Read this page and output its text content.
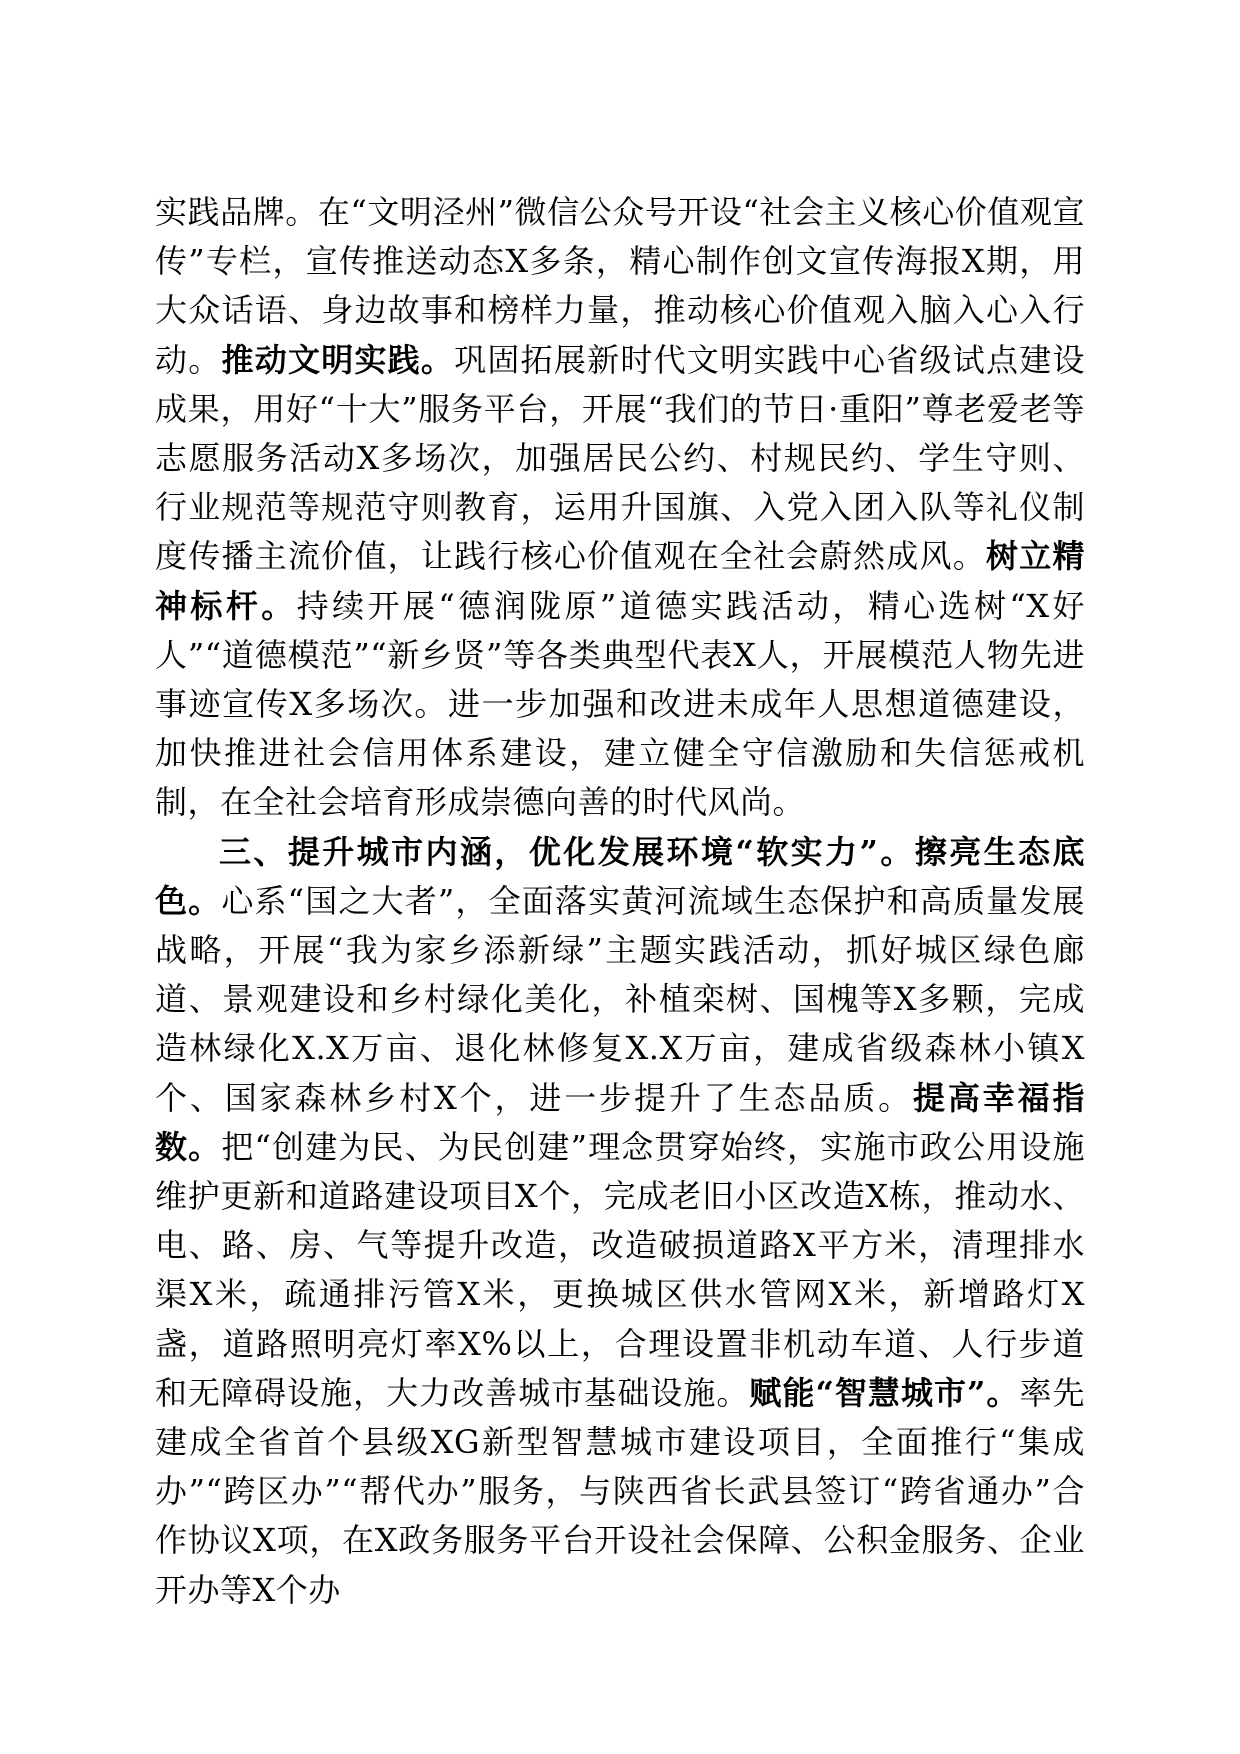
实践品牌。在“文明泾州”微信公众号开设“社会主义核心价值观宣传”专栏，宣传推送动态X多条，精心制作创文宣传海报X期，用大众话语、身边故事和榜样力量，推动核心价值观入脑入心入行动。推动文明实践。巩固拓展新时代文明实践中心省级试点建设成果，用好“十大”服务平台，开展“我们的节日·重阳”尊老爱老等志愿服务活动X多场次，加强居民公约、村规民约、学生守则、行业规范等规范守则教育，运用升国旗、入党入团入队等礼仪制度传播主流价值，让践行核心价值观在全社会蔚然成风。树立精神标杆。持续开展“德润陇原”道德实践活动，精心选树“X好人”“道德模范”“新乡贤”等各类典型代表X人，开展模范人物先进事迹宣传X多场次。进一步加强和改进未成年人思想道德建设，加快推进社会信用体系建设，建立健全守信激励和失信惩戒机制，在全社会培育形成崇德向善的时代风尚。

三、提升城市内涵，优化发展环境“软实力”。擦亮生态底色。心系“国之大者”，全面落实黄河流域生态保护和高质量发展战略，开展“我为家乡添新绿”主题实践活动，抓好城区绿色廊道、景观建设和乡村绿化美化，补植栾树、国槐等X多颗，完成造林绿化X.X万亩、退化林修复X.X万亩，建成省级森林小镇X个、国家森林乡村X个，进一步提升了生态品质。提高幸福指数。把“创建为民、为民创建”理念贯穿始终，实施市政公用设施维护更新和道路建设项目X个，完成老旧小区改造X栋，推动水、电、路、房、气等提升改造，改造破损道路X平方米，清理排水渠X米，疏通排污管X米，更换城区供水管网X米，新增路灯X盏，道路照明亮灯率X%以上，合理设置非机动车道、人行步道和无障碍设施，大力改善城市基础设施。赋能“智慧城市”。率先建成全省首个县级XG新型智慧城市建设项目，全面推行“集成办”“跨区办”“帮代办”服务，与陕西省长武县签订“跨省通办”合作协议X项，在X政务服务平台开设社会保障、公积金服务、企业开办等X个办
